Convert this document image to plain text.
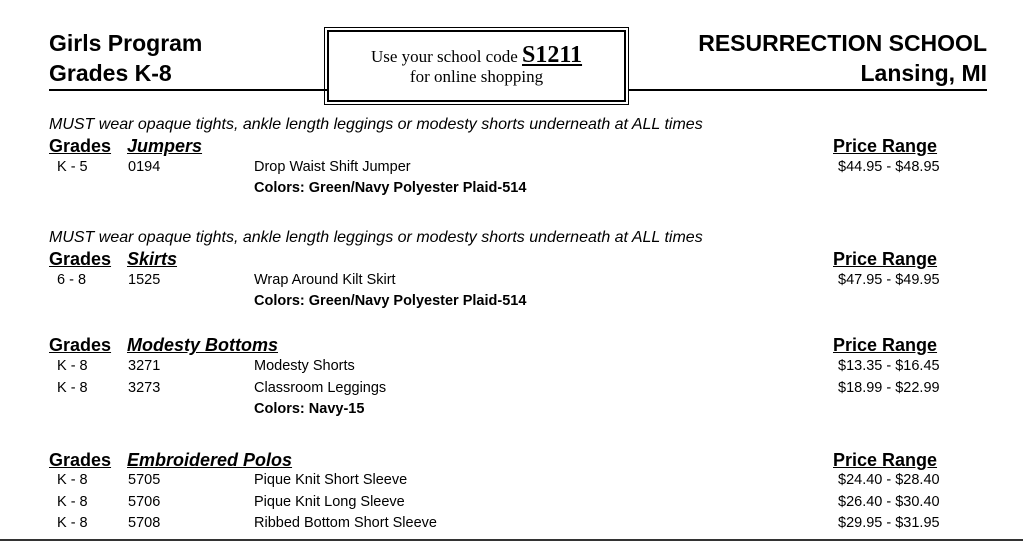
Girls Program
Grades K-8
RESURRECTION SCHOOL
Lansing, MI
Use your school code S1211
for online shopping
MUST wear opaque tights, ankle length leggings or modesty shorts underneath at ALL times
Grades Jumpers	Price Range
K - 5	0194	Drop Waist Shift Jumper	$44.95 - $48.95
Colors: Green/Navy Polyester Plaid-514
MUST wear opaque tights, ankle length leggings or modesty shorts underneath at ALL times
Grades Skirts	Price Range
6 - 8	1525	Wrap Around Kilt Skirt	$47.95 - $49.95
Colors: Green/Navy Polyester Plaid-514
Grades Modesty Bottoms	Price Range
K - 8	3271	Modesty Shorts	$13.35 - $16.45
K - 8	3273	Classroom Leggings	$18.99 - $22.99
Colors: Navy-15
Grades Embroidered Polos	Price Range
K - 8	5705	Pique Knit Short Sleeve	$24.40 - $28.40
K - 8	5706	Pique Knit Long Sleeve	$26.40 - $30.40
K - 8	5708	Ribbed Bottom Short Sleeve	$29.95 - $31.95
